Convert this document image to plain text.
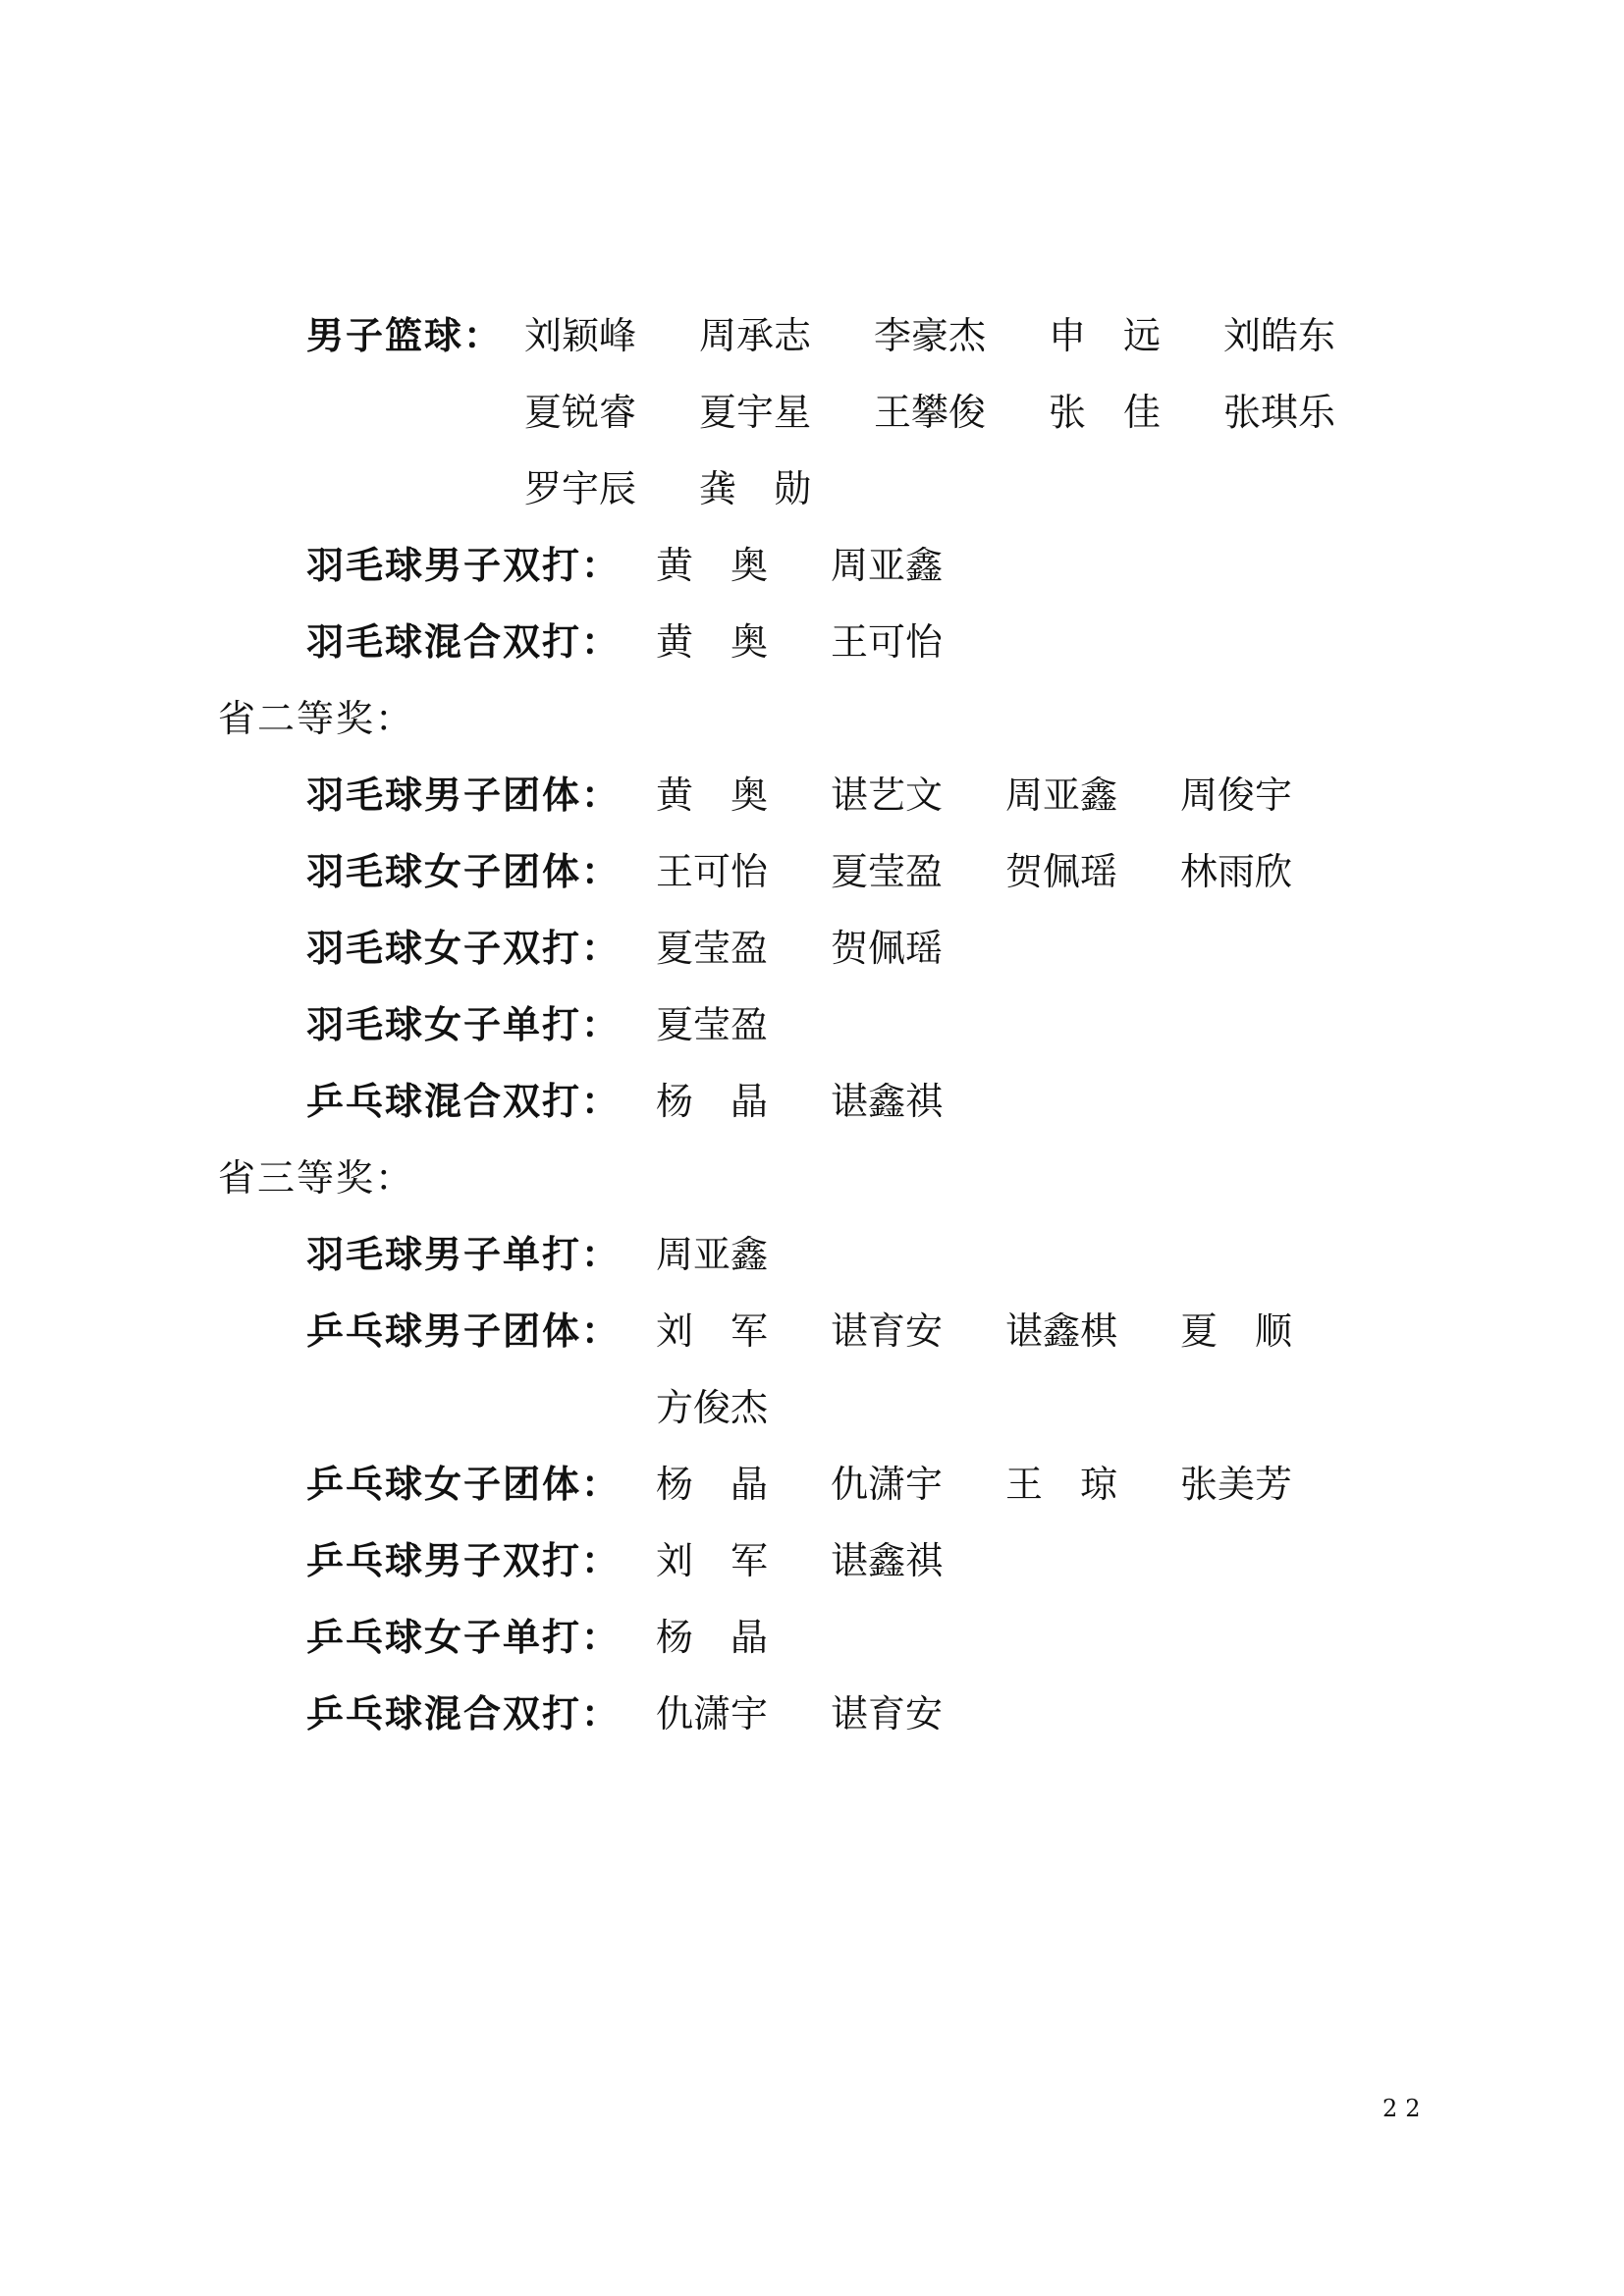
男子篮球： 刘颖峰 周承志 李豪杰 申　远 刘皓东
夏锐睿 夏宇星 王攀俊 张　佳 张琪乐
罗宇辰 龚　勋
羽毛球男子双打： 黄　奥 周亚鑫
羽毛球混合双打： 黄　奥 王可怡
省二等奖：
羽毛球男子团体： 黄　奥 谌艺文 周亚鑫 周俊宇
羽毛球女子团体： 王可怡 夏莹盈 贺佩瑶 林雨欣
羽毛球女子双打： 夏莹盈 贺佩瑶
羽毛球女子单打： 夏莹盈
乒乓球混合双打： 杨　晶 谌鑫祺
省三等奖：
羽毛球男子单打： 周亚鑫
乒乓球男子团体： 刘　军 谌育安 谌鑫棋 夏　顺
方俊杰
乒乓球女子团体： 杨　晶 仇潇宇 王　琼 张美芳
乒乓球男子双打： 刘　军 谌鑫祺
乒乓球女子单打： 杨　晶
乒乓球混合双打： 仇潇宇 谌育安
22
